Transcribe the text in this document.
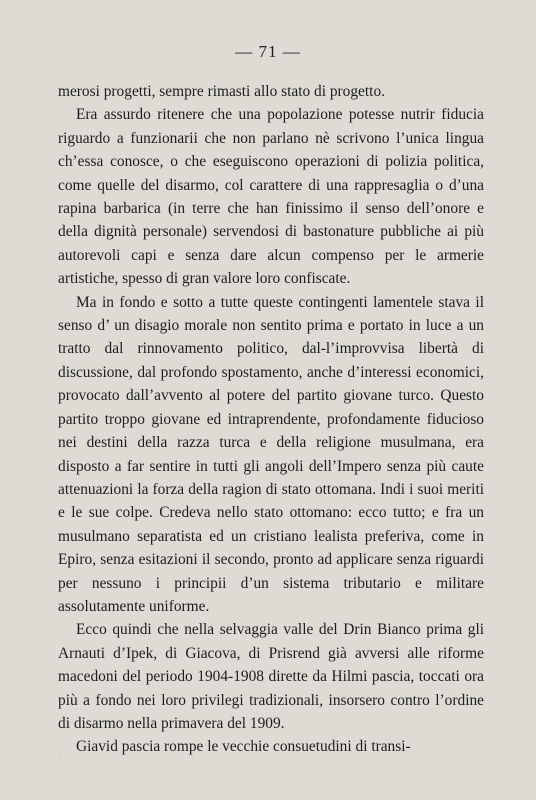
— 71 —

merosi progetti, sempre rimasti allo stato di progetto.

Era assurdo ritenere che una popolazione potesse nutrir fiducia riguardo a funzionarii che non parlano nè scrivono l’unica lingua ch’essa conosce, o che eseguiscono operazioni di polizia politica, come quelle del disarmo, col carattere di una rappresaglia o d’una rapina barbarica (in terre che han finissimo il senso dell’onore e della dignità personale) servendosi di bastonature pubbliche ai più autorevoli capi e senza dare alcun compenso per le armerie artistiche, spesso di gran valore loro confiscate.

Ma in fondo e sotto a tutte queste contingenti lamentele stava il senso d’ un disagio morale non sentito prima e portato in luce a un tratto dal rinnovamento politico, dal-l’improvvisa libertà di discussione, dal profondo spostamento, anche d’interessi economici, provocato dall’avvento al potere del partito giovane turco. Questo partito troppo giovane ed intraprendente, profondamente fiducioso nei destini della razza turca e della religione musulmana, era disposto a far sentire in tutti gli angoli dell’Impero senza più caute attenuazioni la forza della ragion di stato ottomana. Indi i suoi meriti e le sue colpe. Credeva nello stato ottomano: ecco tutto; e fra un musulmano separatista ed un cristiano lealista preferiva, come in Epiro, senza esitazioni il secondo, pronto ad applicare senza riguardi per nessuno i principii d’un sistema tributario e militare assolutamente uniforme.

Ecco quindi che nella selvaggia valle del Drin Bianco prima gli Arnauti d’Ipek, di Giacova, di Prisrend già avversi alle riforme macedoni del periodo 1904-1908 dirette da Hilmi pascia, toccati ora più a fondo nei loro privilegi tradizionali, insorsero contro l’ordine di disarmo nella primavera del 1909.

Giavid pascia rompe le vecchie consuetudini di transi-

· · ·
